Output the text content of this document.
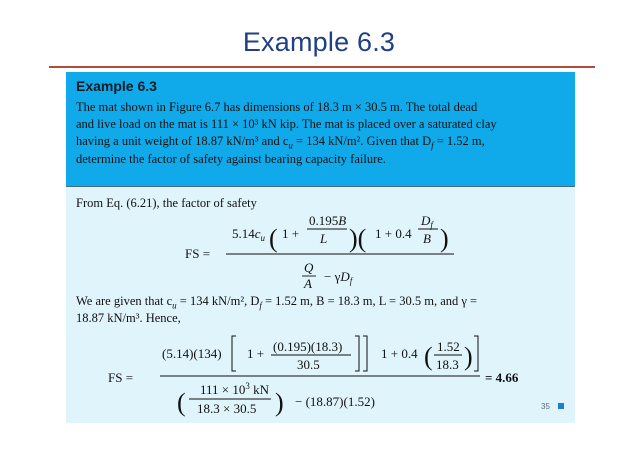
Example 6.3
Example 6.3
The mat shown in Figure 6.7 has dimensions of 18.3 m × 30.5 m. The total dead
and live load on the mat is 111 × 10³ kN kip. The mat is placed over a saturated clay
having a unit weight of 18.87 kN/m³ and $c_u = 134$ kN/m². Given that $D_f = 1.52$ m,
determine the factor of safety against bearing capacity failure.
From Eq. (6.21), the factor of safety
We are given that $c_u = 134$ kN/m², $D_f = 1.52$ m, B = 18.3 m, L = 30.5 m, and γ =
18.87 kN/m³. Hence,
FS =
$5.14c_u$ ( 1 +
0.195B
L )( 1 + 0.4
$D_f$
B )
Q
$A - \gamma D_f$
FS =
(5.14)(134) 1 + (0.195)(18.3)
30.5
1 + 0.4 ( 1.52
18.3 )
( $111 \times 10^3$ kN
18.3 × 30.5 ) − (18.87)(1.52)
= 4.66
35
